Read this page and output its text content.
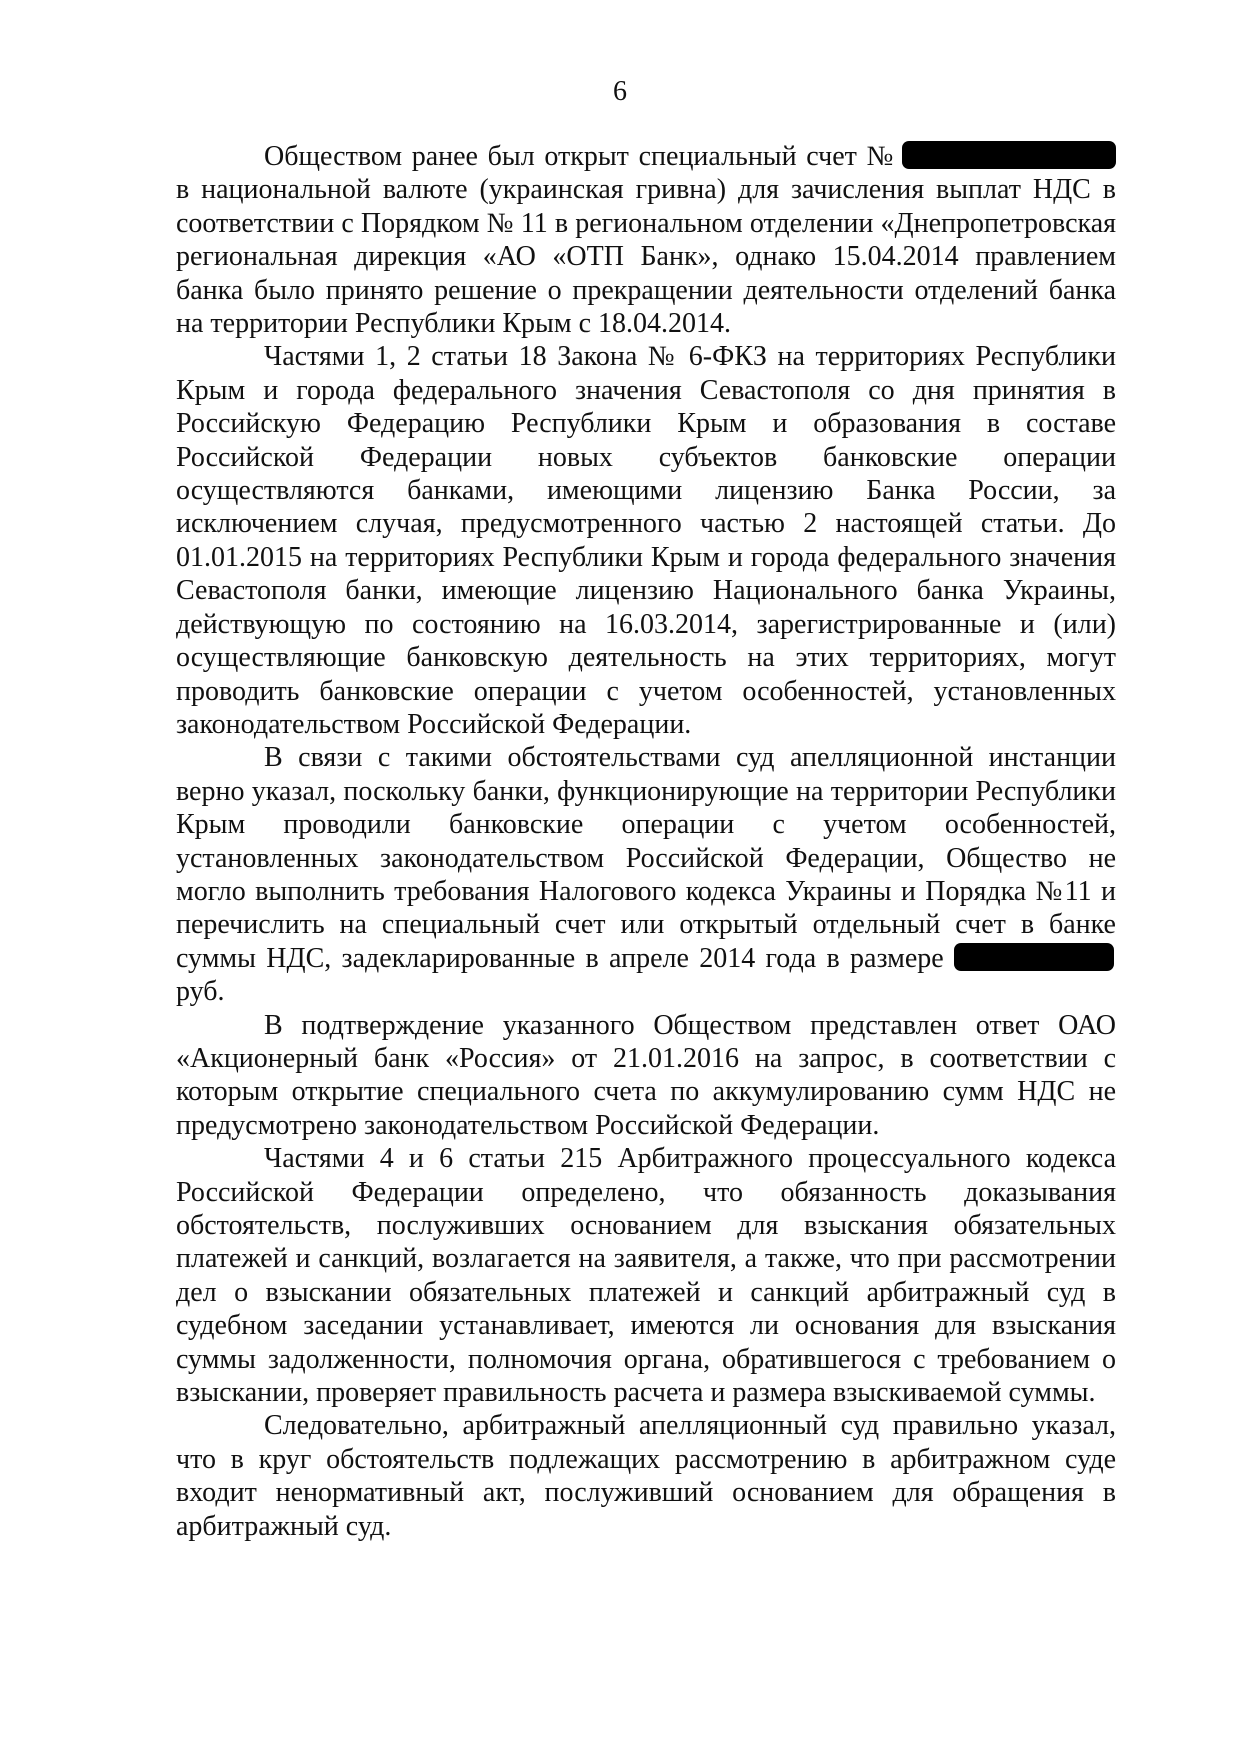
6

Обществом ранее был открыт специальный счет № в национальной валюте (украинская гривна) для зачисления выплат НДС в соответствии с Порядком № 11 в региональном отделении «Днепропетровская региональная дирекция «АО «ОТП Банк», однако 15.04.2014 правлением банка было принято решение о прекращении деятельности отделений банка на территории Республики Крым с 18.04.2014.

Частями 1, 2 статьи 18 Закона № 6-ФКЗ на территориях Республики Крым и города федерального значения Севастополя со дня принятия в Российскую Федерацию Республики Крым и образования в составе Российской Федерации новых субъектов банковские операции осуществляются банками, имеющими лицензию Банка России, за исключением случая, предусмотренного частью 2 настоящей статьи. До 01.01.2015 на территориях Республики Крым и города федерального значения Севастополя банки, имеющие лицензию Национального банка Украины, действующую по состоянию на 16.03.2014, зарегистрированные и (или) осуществляющие банковскую деятельность на этих территориях, могут проводить банковские операции с учетом особенностей, установленных законодательством Российской Федерации.

В связи с такими обстоятельствами суд апелляционной инстанции верно указал, поскольку банки, функционирующие на территории Республики Крым проводили банковские операции с учетом особенностей, установленных законодательством Российской Федерации, Общество не могло выполнить требования Налогового кодекса Украины и Порядка №11 и перечислить на специальный счет или открытый отдельный счет в банке суммы НДС, задекларированные в апреле 2014 года в размере руб.

В подтверждение указанного Обществом представлен ответ ОАО «Акционерный банк «Россия» от 21.01.2016 на запрос, в соответствии с которым открытие специального счета по аккумулированию сумм НДС не предусмотрено законодательством Российской Федерации.

Частями 4 и 6 статьи 215 Арбитражного процессуального кодекса Российской Федерации определено, что обязанность доказывания обстоятельств, послуживших основанием для взыскания обязательных платежей и санкций, возлагается на заявителя, а также, что при рассмотрении дел о взыскании обязательных платежей и санкций арбитражный суд в судебном заседании устанавливает, имеются ли основания для взыскания суммы задолженности, полномочия органа, обратившегося с требованием о взыскании, проверяет правильность расчета и размера взыскиваемой суммы.

Следовательно, арбитражный апелляционный суд правильно указал, что в круг обстоятельств подлежащих рассмотрению в арбитражном суде входит ненормативный акт, послуживший основанием для обращения в арбитражный суд.
